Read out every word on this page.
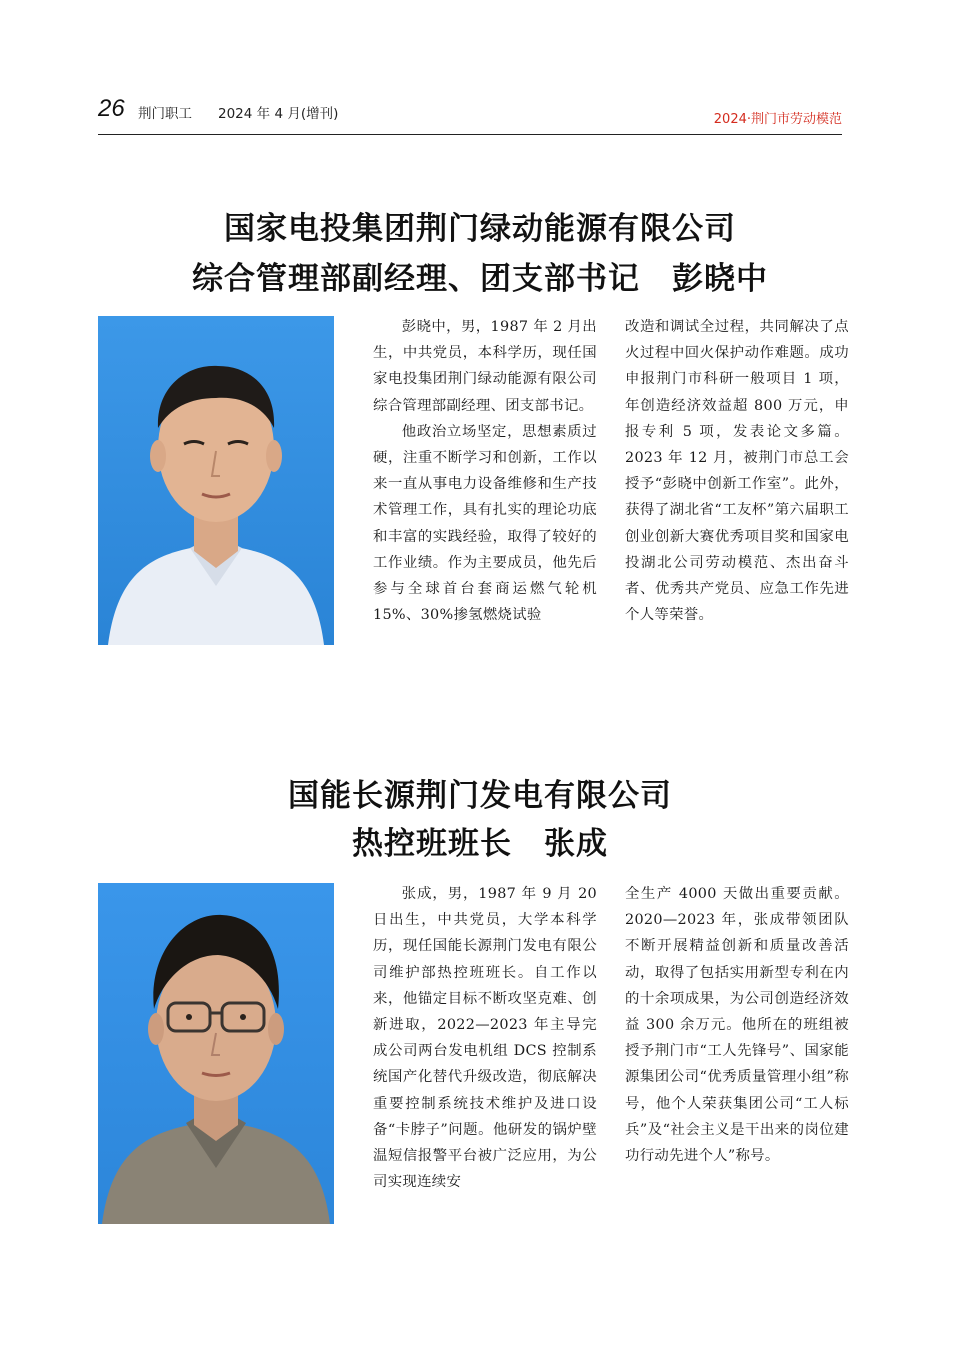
26 荆门职工 2024 年 4 月(增刊)	2024·荆门市劳动模范
国家电投集团荆门绿动能源有限公司
综合管理部副经理、团支部书记　彭晓中

彭晓中，男，1987 年 2 月出生，中共党员，本科学历，现任国家电投集团荆门绿动能源有限公司综合管理部副经理、团支部书记。

他政治立场坚定，思想素质过硬，注重不断学习和创新，工作以来一直从事电力设备维修和生产技术管理工作，具有扎实的理论功底和丰富的实践经验，取得了较好的工作业绩。作为主要成员，他先后参与全球首台套商运燃气轮机 15%、30%掺氢燃烧试验

改造和调试全过程，共同解决了点火过程中回火保护动作难题。成功申报荆门市科研一般项目 1 项，年创造经济效益超 800 万元，申报专利 5 项，发表论文多篇。2023 年 12 月，被荆门市总工会授予“彭晓中创新工作室”。此外，获得了湖北省“工友杯”第六届职工创业创新大赛优秀项目奖和国家电投湖北公司劳动模范、杰出奋斗者、优秀共产党员、应急工作先进个人等荣誉。

国能长源荆门发电有限公司
热控班班长　张成

张成，男，1987 年 9 月 20 日出生，中共党员，大学本科学历，现任国能长源荆门发电有限公司维护部热控班班长。自工作以来，他锚定目标不断攻坚克难、创新进取，2022—2023 年主导完成公司两台发电机组 DCS 控制系统国产化替代升级改造，彻底解决重要控制系统技术维护及进口设备“卡脖子”问题。他研发的锅炉壁温短信报警平台被广泛应用，为公司实现连续安

全生产 4000 天做出重要贡献。2020—2023 年，张成带领团队不断开展精益创新和质量改善活动，取得了包括实用新型专利在内的十余项成果，为公司创造经济效益 300 余万元。他所在的班组被授予荆门市“工人先锋号”、国家能源集团公司“优秀质量管理小组”称号，他个人荣获集团公司“工人标兵”及“社会主义是干出来的岗位建功行动先进个人”称号。
